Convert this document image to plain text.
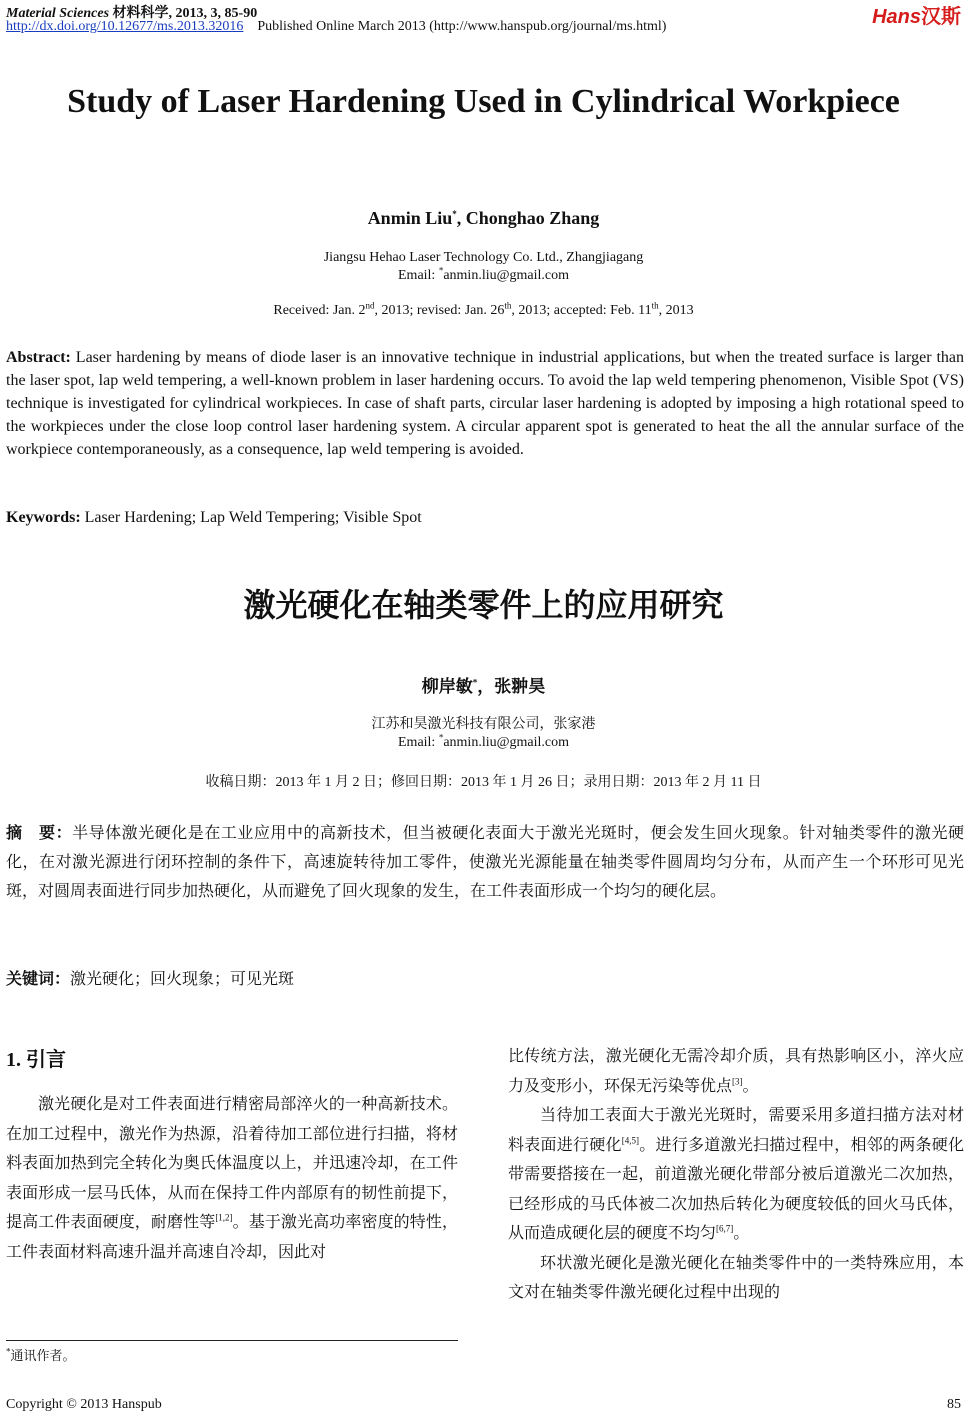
Material Sciences 材料科学, 2013, 3, 85-90
http://dx.doi.org/10.12677/ms.2013.32016 Published Online March 2013 (http://www.hanspub.org/journal/ms.html)	Hans汉斯
Study of Laser Hardening Used in Cylindrical Workpiece
Anmin Liu*, Chonghao Zhang
Jiangsu Hehao Laser Technology Co. Ltd., Zhangjiagang
Email: *anmin.liu@gmail.com
Received: Jan. 2nd, 2013; revised: Jan. 26th, 2013; accepted: Feb. 11th, 2013
Abstract: Laser hardening by means of diode laser is an innovative technique in industrial applications, but when the treated surface is larger than the laser spot, lap weld tempering, a well-known problem in laser hardening occurs. To avoid the lap weld tempering phenomenon, Visible Spot (VS) technique is investigated for cylindrical workpieces. In case of shaft parts, circular laser hardening is adopted by imposing a high rotational speed to the workpieces under the close loop control laser hardening system. A circular apparent spot is generated to heat the all the annular surface of the workpiece contemporaneously, as a consequence, lap weld tempering is avoided.
Keywords: Laser Hardening; Lap Weld Tempering; Visible Spot
激光硬化在轴类零件上的应用研究
柳岸敏*，张翀昊
江苏和昊激光科技有限公司，张家港
Email: *anmin.liu@gmail.com
收稿日期：2013 年 1 月 2 日；修回日期：2013 年 1 月 26 日；录用日期：2013 年 2 月 11 日
摘　要：半导体激光硬化是在工业应用中的高新技术，但当被硬化表面大于激光光斑时，便会发生回火现象。针对轴类零件的激光硬化，在对激光源进行闭环控制的条件下，高速旋转待加工零件，使激光光源能量在轴类零件圆周均匀分布，从而产生一个环形可见光斑，对圆周表面进行同步加热硬化，从而避免了回火现象的发生，在工件表面形成一个均匀的硬化层。
关键词：激光硬化；回火现象；可见光斑
1. 引言

激光硬化是对工件表面进行精密局部淬火的一种高新技术。在加工过程中，激光作为热源，沿着待加工部位进行扫描，将材料表面加热到完全转化为奥氏体温度以上，并迅速冷却，在工件表面形成一层马氏体，从而在保持工件内部原有的韧性前提下，提高工件表面硬度，耐磨性等[1,2]。基于激光高功率密度的特性，工件表面材料高速升温并高速自冷却，因此对

比传统方法，激光硬化无需冷却介质，具有热影响区小，淬火应力及变形小，环保无污染等优点[3]。

当待加工表面大于激光光斑时，需要采用多道扫描方法对材料表面进行硬化[4,5]。进行多道激光扫描过程中，相邻的两条硬化带需要搭接在一起，前道激光硬化带部分被后道激光二次加热，已经形成的马氏体被二次加热后转化为硬度较低的回火马氏体，从而造成硬化层的硬度不均匀[6,7]。

环状激光硬化是激光硬化在轴类零件中的一类特殊应用，本文对在轴类零件激光硬化过程中出现的

*通讯作者。
Copyright © 2013 Hanspub	85
